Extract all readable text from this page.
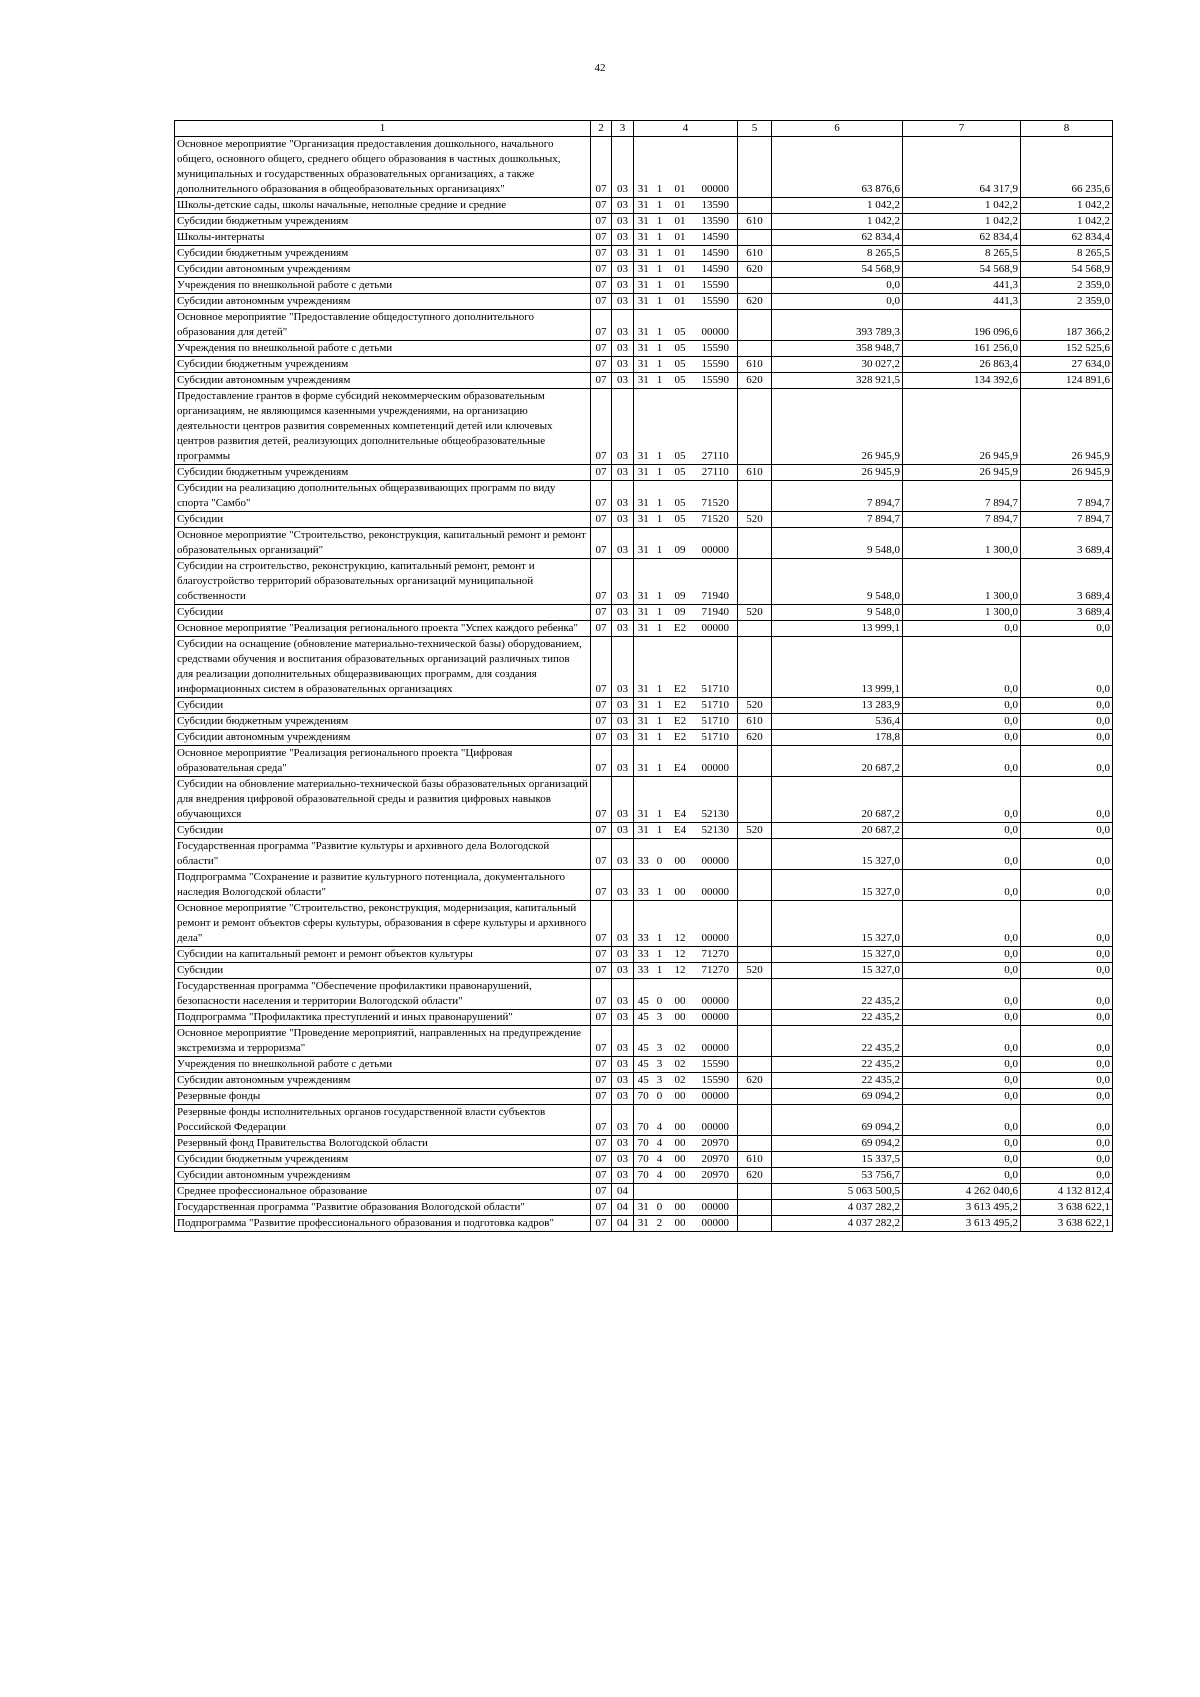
42
1	2	3	4				5	6	7	8
Основное мероприятие "Организация предоставления дошкольного, начального общего, основного общего, среднего общего образования в частных дошкольных, муниципальных и государственных образовательных организациях, а также дополнительного образования в общеобразовательных организациях"	07	03	31	1	01	00000		63 876,6	64 317,9	66 235,6
Школы-детские сады, школы начальные, неполные средние и средние	07	03	31	1	01	13590		1 042,2	1 042,2	1 042,2
Субсидии бюджетным учреждениям	07	03	31	1	01	13590	610	1 042,2	1 042,2	1 042,2
Школы-интернаты	07	03	31	1	01	14590		62 834,4	62 834,4	62 834,4
Субсидии бюджетным учреждениям	07	03	31	1	01	14590	610	8 265,5	8 265,5	8 265,5
Субсидии автономным учреждениям	07	03	31	1	01	14590	620	54 568,9	54 568,9	54 568,9
Учреждения по внешкольной работе с детьми	07	03	31	1	01	15590		0,0	441,3	2 359,0
Субсидии автономным учреждениям	07	03	31	1	01	15590	620	0,0	441,3	2 359,0
Основное мероприятие "Предоставление общедоступного дополнительного образования для детей"	07	03	31	1	05	00000		393 789,3	196 096,6	187 366,2
Учреждения по внешкольной работе с детьми	07	03	31	1	05	15590		358 948,7	161 256,0	152 525,6
Субсидии бюджетным учреждениям	07	03	31	1	05	15590	610	30 027,2	26 863,4	27 634,0
Субсидии автономным учреждениям	07	03	31	1	05	15590	620	328 921,5	134 392,6	124 891,6
Предоставление грантов в форме субсидий некоммерческим образовательным организациям, не являющимся казенными учреждениями, на организацию деятельности центров развития современных компетенций детей или ключевых центров развития детей, реализующих дополнительные общеобразовательные программы	07	03	31	1	05	27110		26 945,9	26 945,9	26 945,9
Субсидии бюджетным учреждениям	07	03	31	1	05	27110	610	26 945,9	26 945,9	26 945,9
Субсидии на реализацию дополнительных общеразвивающих программ по виду спорта "Самбо"	07	03	31	1	05	71520		7 894,7	7 894,7	7 894,7
Субсидии	07	03	31	1	05	71520	520	7 894,7	7 894,7	7 894,7
Основное мероприятие "Строительство, реконструкция, капитальный ремонт и ремонт образовательных организаций"	07	03	31	1	09	00000		9 548,0	1 300,0	3 689,4
Субсидии на строительство, реконструкцию, капитальный ремонт, ремонт и благоустройство территорий образовательных организаций муниципальной собственности	07	03	31	1	09	71940		9 548,0	1 300,0	3 689,4
Субсидии	07	03	31	1	09	71940	520	9 548,0	1 300,0	3 689,4
Основное мероприятие "Реализация регионального проекта "Успех каждого ребенка"	07	03	31	1	E2	00000		13 999,1	0,0	0,0
Субсидии на оснащение (обновление материально-технической базы) оборудованием, средствами обучения и воспитания образовательных организаций различных типов для реализации дополнительных общеразвивающих программ, для создания информационных систем в образовательных организациях	07	03	31	1	E2	51710		13 999,1	0,0	0,0
Субсидии	07	03	31	1	E2	51710	520	13 283,9	0,0	0,0
Субсидии бюджетным учреждениям	07	03	31	1	E2	51710	610	536,4	0,0	0,0
Субсидии автономным учреждениям	07	03	31	1	E2	51710	620	178,8	0,0	0,0
Основное мероприятие "Реализация регионального проекта "Цифровая образовательная среда"	07	03	31	1	E4	00000		20 687,2	0,0	0,0
Субсидии на обновление материально-технической базы образовательных организаций для внедрения цифровой образовательной среды и развития цифровых навыков обучающихся	07	03	31	1	E4	52130		20 687,2	0,0	0,0
Субсидии	07	03	31	1	E4	52130	520	20 687,2	0,0	0,0
Государственная программа "Развитие культуры и архивного дела Вологодской области"	07	03	33	0	00	00000		15 327,0	0,0	0,0
Подпрограмма "Сохранение и развитие культурного потенциала, документального наследия Вологодской области"	07	03	33	1	00	00000		15 327,0	0,0	0,0
Основное мероприятие "Строительство, реконструкция, модернизация, капитальный ремонт и ремонт объектов сферы культуры, образования в сфере культуры и архивного дела"	07	03	33	1	12	00000		15 327,0	0,0	0,0
Субсидии на капитальный ремонт и ремонт объектов культуры	07	03	33	1	12	71270		15 327,0	0,0	0,0
Субсидии	07	03	33	1	12	71270	520	15 327,0	0,0	0,0
Государственная программа "Обеспечение профилактики правонарушений, безопасности населения и территории Вологодской области"	07	03	45	0	00	00000		22 435,2	0,0	0,0
Подпрограмма "Профилактика преступлений и иных правонарушений"	07	03	45	3	00	00000		22 435,2	0,0	0,0
Основное мероприятие "Проведение мероприятий, направленных на предупреждение экстремизма и терроризма"	07	03	45	3	02	00000		22 435,2	0,0	0,0
Учреждения по внешкольной работе с детьми	07	03	45	3	02	15590		22 435,2	0,0	0,0
Субсидии автономным учреждениям	07	03	45	3	02	15590	620	22 435,2	0,0	0,0
Резервные фонды	07	03	70	0	00	00000		69 094,2	0,0	0,0
Резервные фонды исполнительных органов государственной власти субъектов Российской Федерации	07	03	70	4	00	00000		69 094,2	0,0	0,0
Резервный фонд Правительства Вологодской области	07	03	70	4	00	20970		69 094,2	0,0	0,0
Субсидии бюджетным учреждениям	07	03	70	4	00	20970	610	15 337,5	0,0	0,0
Субсидии автономным учреждениям	07	03	70	4	00	20970	620	53 756,7	0,0	0,0
Среднее профессиональное образование	07	04						5 063 500,5	4 262 040,6	4 132 812,4
Государственная программа "Развитие образования Вологодской области"	07	04	31	0	00	00000		4 037 282,2	3 613 495,2	3 638 622,1
Подпрограмма "Развитие профессионального образования и подготовка кадров"	07	04	31	2	00	00000		4 037 282,2	3 613 495,2	3 638 622,1
